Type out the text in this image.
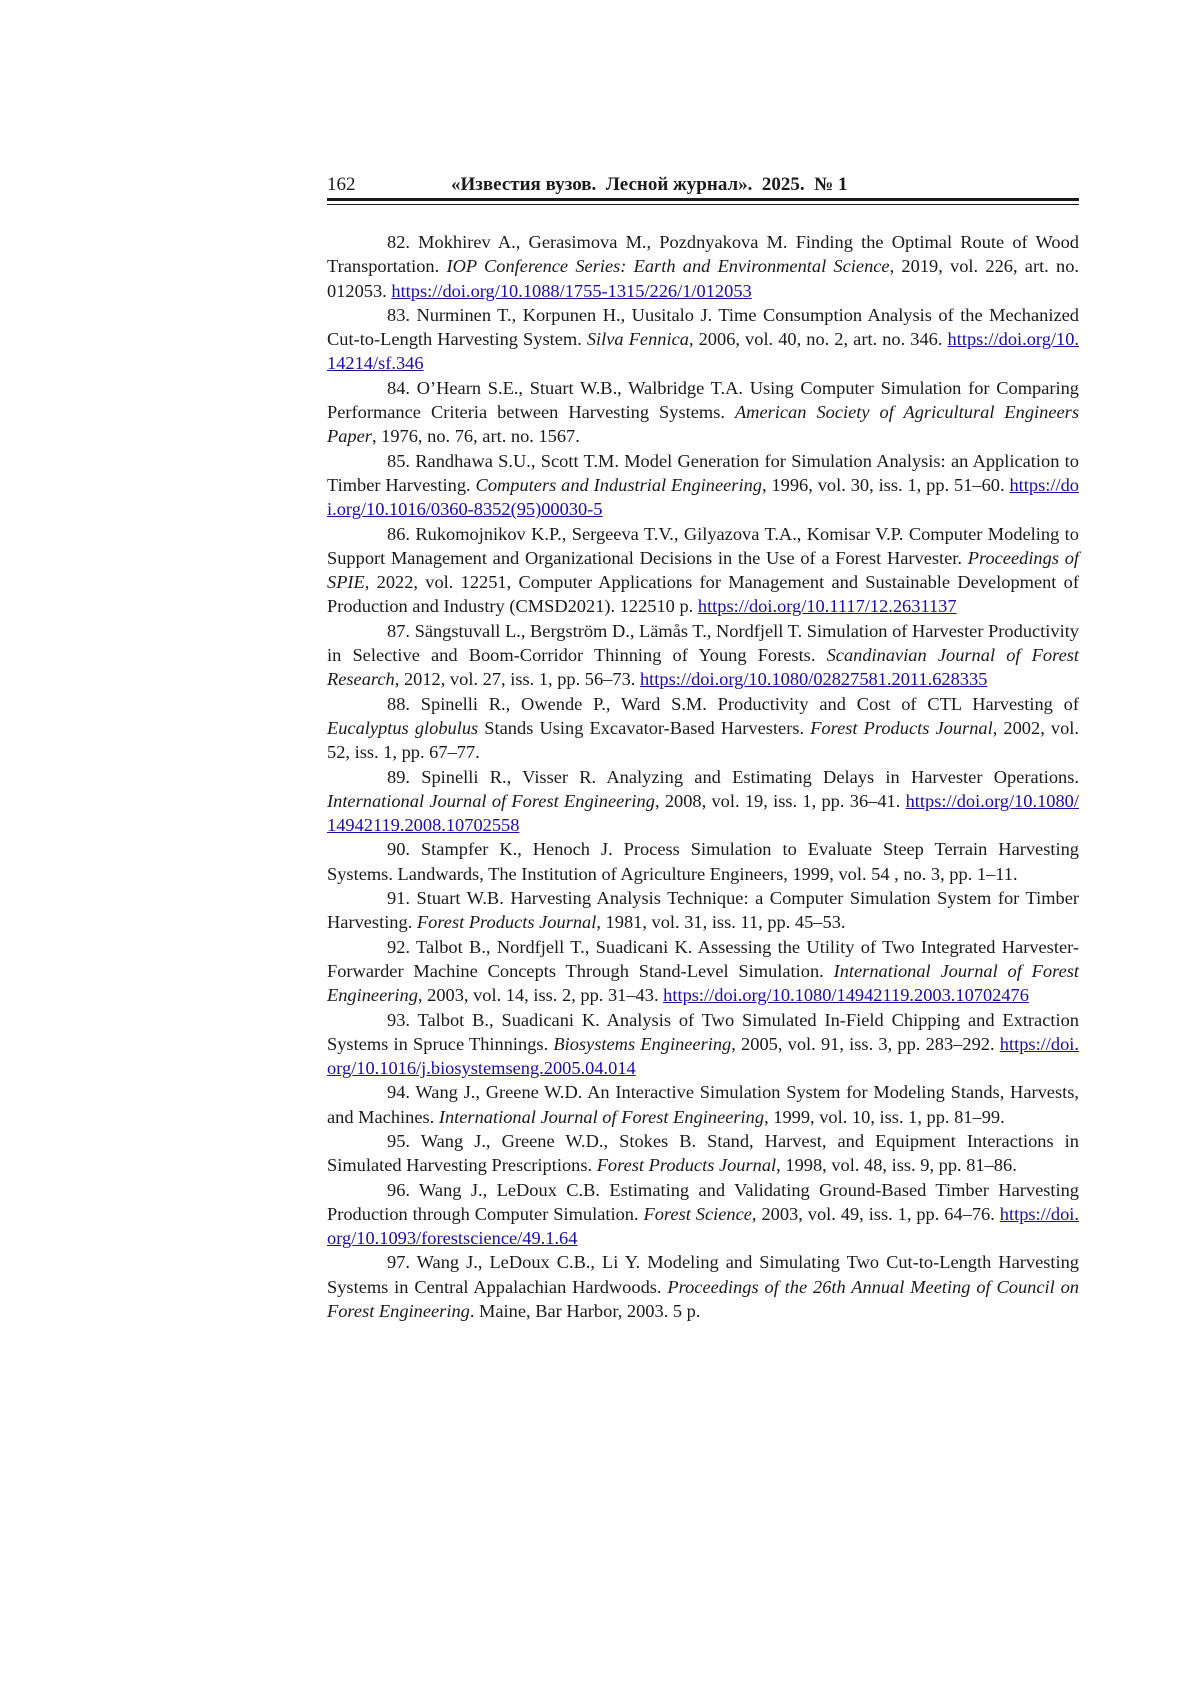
162	«Известия вузов.  Лесной журнал».  2025.  № 1

82. Mokhirev A., Gerasimova M., Pozdnyakova M. Finding the Optimal Route of Wood Transportation. IOP Conference Series: Earth and Environmental Science, 2019, vol. 226, art. no. 012053. https://doi.org/10.1088/1755-1315/226/1/012053

83. Nurminen T., Korpunen H., Uusitalo J. Time Consumption Analysis of the Mechanized Cut-to-Length Harvesting System. Silva Fennica, 2006, vol. 40, no. 2, art. no. 346. https://doi.org/10.14214/sf.346

84. O’Hearn S.E., Stuart W.B., Walbridge T.A. Using Computer Simulation for Comparing Performance Criteria between Harvesting Systems. American Society of Agricultural Engineers Paper, 1976, no. 76, art. no. 1567.

85. Randhawa S.U., Scott T.M. Model Generation for Simulation Analysis: an Application to Timber Harvesting. Computers and Industrial Engineering, 1996, vol. 30, iss. 1, pp. 51–60. https://doi.org/10.1016/0360-8352(95)00030-5

86. Rukomojnikov K.P., Sergeeva T.V., Gilyazova T.A., Komisar V.P. Computer Modeling to Support Management and Organizational Decisions in the Use of a Forest Harvester. Proceedings of SPIE, 2022, vol. 12251, Computer Applications for Management and Sustainable Development of Production and Industry (CMSD2021). 122510 p. https://doi.org/10.1117/12.2631137

87. Sängstuvall L., Bergström D., Lämås T., Nordfjell T. Simulation of Harvester Productivity in Selective and Boom-Corridor Thinning of Young Forests. Scandinavian Journal of Forest Research, 2012, vol. 27, iss. 1, pp. 56–73. https://doi.org/10.1080/02827581.2011.628335

88. Spinelli R., Owende P., Ward S.M. Productivity and Cost of CTL Harvesting of Eucalyptus globulus Stands Using Excavator-Based Harvesters. Forest Products Journal, 2002, vol. 52, iss. 1, pp. 67–77.

89. Spinelli R., Visser R. Analyzing and Estimating Delays in Harvester Operations. International Journal of Forest Engineering, 2008, vol. 19, iss. 1, pp. 36–41. https://doi.org/10.1080/14942119.2008.10702558

90. Stampfer K., Henoch J. Process Simulation to Evaluate Steep Terrain Harvesting Systems. Landwards, The Institution of Agriculture Engineers, 1999, vol. 54 , no. 3, pp. 1–11.

91. Stuart W.B. Harvesting Analysis Technique: a Computer Simulation System for Timber Harvesting. Forest Products Journal, 1981, vol. 31, iss. 11, pp. 45–53.

92. Talbot B., Nordfjell T., Suadicani K. Assessing the Utility of Two Integrated Harvester-Forwarder Machine Concepts Through Stand-Level Simulation. International Journal of Forest Engineering, 2003, vol. 14, iss. 2, pp. 31–43. https://doi.org/10.1080/14942119.2003.10702476

93. Talbot B., Suadicani K. Analysis of Two Simulated In-Field Chipping and Extraction Systems in Spruce Thinnings. Biosystems Engineering, 2005, vol. 91, iss. 3, pp. 283–292. https://doi.org/10.1016/j.biosystemseng.2005.04.014

94. Wang J., Greene W.D. An Interactive Simulation System for Modeling Stands, Harvests, and Machines. International Journal of Forest Engineering, 1999, vol. 10, iss. 1, pp. 81–99.

95. Wang J., Greene W.D., Stokes B. Stand, Harvest, and Equipment Interactions in Simulated Harvesting Prescriptions. Forest Products Journal, 1998, vol. 48, iss. 9, pp. 81–86.

96. Wang J., LeDoux C.B. Estimating and Validating Ground-Based Timber Harvesting Production through Computer Simulation. Forest Science, 2003, vol. 49, iss. 1, pp. 64–76. https://doi.org/10.1093/forestscience/49.1.64

97. Wang J., LeDoux C.B., Li Y. Modeling and Simulating Two Cut-to-Length Harvesting Systems in Central Appalachian Hardwoods. Proceedings of the 26th Annual Meeting of Council on Forest Engineering. Maine, Bar Harbor, 2003. 5 p.
